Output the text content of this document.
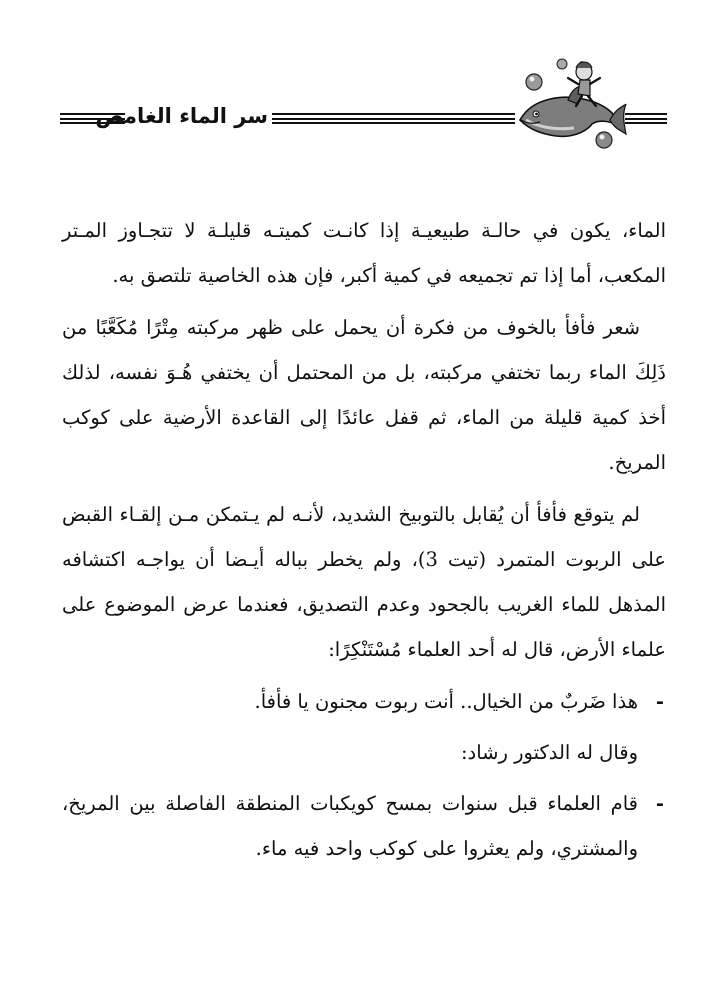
سر الماء الغامض

الماء، يكون في حالـة طبيعيـة إذا كانـت كميتـه قليلـة لا تتجـاوز المـتر المكعب، أما إذا تم تجميعه في كمية أكبر، فإن هذه الخاصية تلتصق به.

شعر فأفأ بالخوف من فكرة أن يحمل على ظهر مركبته مِتْرًا مُكَعَّبًا من ذَلِكَ الماء ربما تختفي مركبته، بل من المحتمل أن يختفي هُـوَ نفسه، لذلك أخذ كمية قليلة من الماء، ثم قفل عائدًا إلى القاعدة الأرضية على كوكب المريخ.

لم يتوقع فأفأ أن يُقابل بالتوبيخ الشديد، لأنـه لم يـتمكن مـن إلقـاء القبض على الربوت المتمرد (تيت 3)، ولم يخطر بباله أيـضا أن يواجـه اكتشافه المذهل للماء الغريب بالجحود وعدم التصديق، فعندما عرض الموضوع على علماء الأرض، قال له أحد العلماء مُسْتَنْكِرًا:

-
هذا ضَربٌ من الخيال.. أنت ربوت مجنون يا فأفأ.

وقال له الدكتور رشاد:

-
قام العلماء قبل سنوات بمسح كويكبات المنطقة الفاصلة بين المريخ، والمشتري، ولم يعثروا على كوكب واحد فيه ماء.
